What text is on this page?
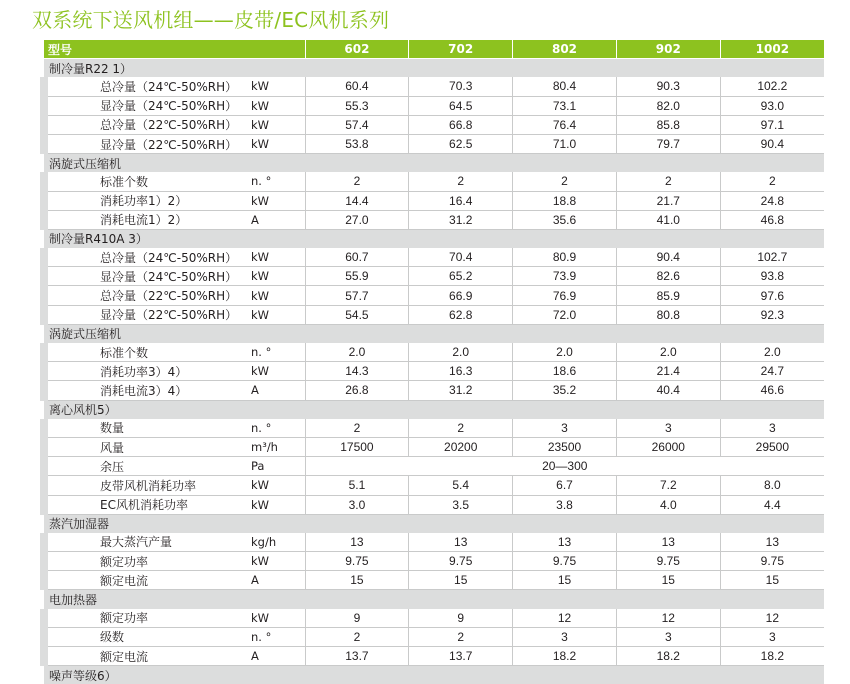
双系统下送风机组——皮带/EC风机系列
型号		602	702	802	902	1002
制冷量R22 1）						
总冷量（24℃-50%RH）	kW	60.4	70.3	80.4	90.3	102.2
显冷量（24℃-50%RH）	kW	55.3	64.5	73.1	82.0	93.0
总冷量（22℃-50%RH）	kW	57.4	66.8	76.4	85.8	97.1
显冷量（22℃-50%RH）	kW	53.8	62.5	71.0	79.7	90.4
涡旋式压缩机						
标准个数	n. °	2	2	2	2	2
消耗功率1）2）	kW	14.4	16.4	18.8	21.7	24.8
消耗电流1）2）	A	27.0	31.2	35.6	41.0	46.8
制冷量R410A 3）						
总冷量（24℃-50%RH）	kW	60.7	70.4	80.9	90.4	102.7
显冷量（24℃-50%RH）	kW	55.9	65.2	73.9	82.6	93.8
总冷量（22℃-50%RH）	kW	57.7	66.9	76.9	85.9	97.6
显冷量（22℃-50%RH）	kW	54.5	62.8	72.0	80.8	92.3
涡旋式压缩机						
标准个数	n. °	2.0	2.0	2.0	2.0	2.0
消耗功率3）4）	kW	14.3	16.3	18.6	21.4	24.7
消耗电流3）4）	A	26.8	31.2	35.2	40.4	46.6
离心风机5）						
数量	n. °	2	2	3	3	3
风量	m³/h	17500	20200	23500	26000	29500
余压	Pa	20—300				
皮带风机消耗功率	kW	5.1	5.4	6.7	7.2	8.0
EC风机消耗功率	kW	3.0	3.5	3.8	4.0	4.4
蒸汽加湿器						
最大蒸汽产量	kg/h	13	13	13	13	13
额定功率	kW	9.75	9.75	9.75	9.75	9.75
额定电流	A	15	15	15	15	15
电加热器						
额定功率	kW	9	9	12	12	12
级数	n. °	2	2	3	3	3
额定电流	A	13.7	13.7	18.2	18.2	18.2
噪声等级6）						
